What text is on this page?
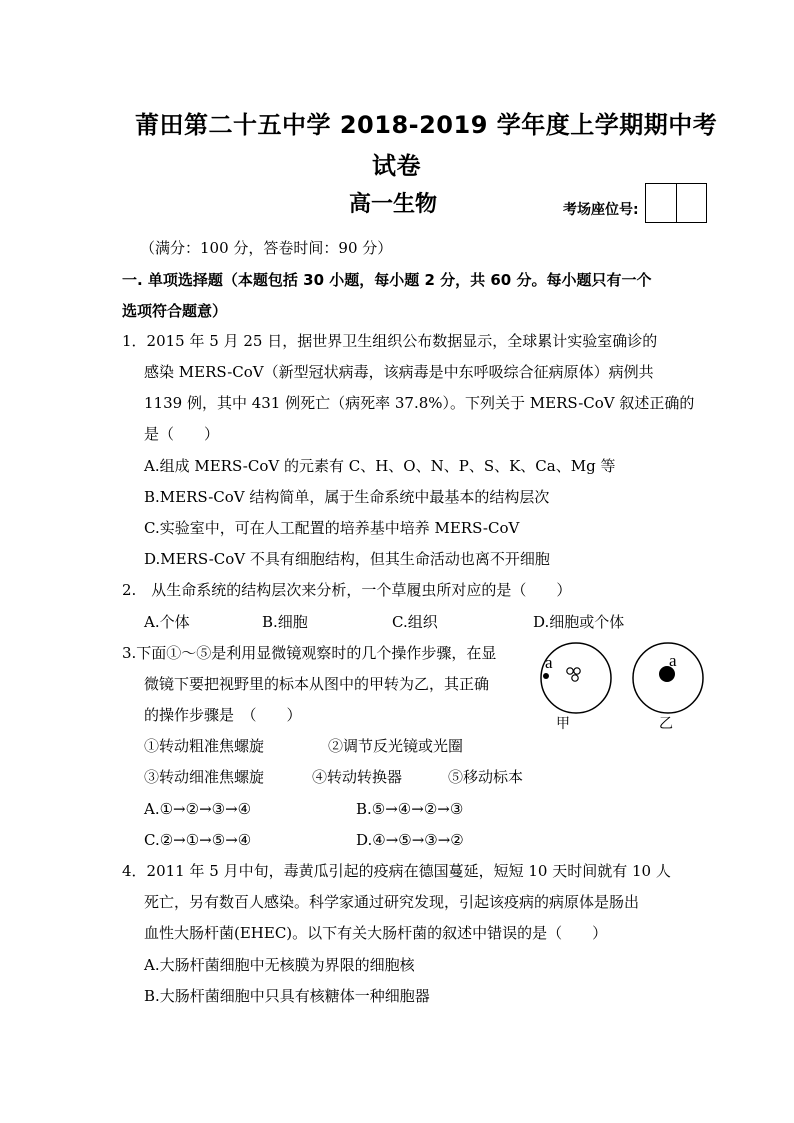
莆田第二十五中学 2018-2019 学年度上学期期中考
试卷
高一生物	考场座位号:
（满分：100 分，答卷时间：90 分）
一. 单项选择题（本题包括 30 小题，每小题 2 分，共 60 分。每小题只有一个
选项符合题意）
1．2015 年 5 月 25 日，据世界卫生组织公布数据显示，全球累计实验室确诊的
感染 MERS-CoV（新型冠状病毒，该病毒是中东呼吸综合征病原体）病例共
1139 例，其中 431 例死亡（病死率 37.8%）。下列关于 MERS-CoV 叙述正确的
是（　　）
A.组成 MERS-CoV 的元素有 C、H、O、N、P、S、K、Ca、Mg 等
B.MERS-CoV 结构简单，属于生命系统中最基本的结构层次
C.实验室中，可在人工配置的培养基中培养 MERS-CoV
D.MERS-CoV 不具有细胞结构，但其生命活动也离不开细胞
2.　从生命系统的结构层次来分析，一个草履虫所对应的是（　　）
A.个体	B.细胞	C.组织	D.细胞或个体
3.下面①～⑤是利用显微镜观察时的几个操作步骤，在显
微镜下要把视野里的标本从图中的甲转为乙，其正确
的操作步骤是　（　　）
①转动粗准焦螺旋	②调节反光镜或光圈
③转动细准焦螺旋	④转动转换器	⑤移动标本
A.①→②→③→④	B.⑤→④→②→③
C.②→①→⑤→④	D.④→⑤→③→②
a
甲
a
乙
4．2011 年 5 月中旬，毒黄瓜引起的疫病在德国蔓延，短短 10 天时间就有 10 人
死亡，另有数百人感染。科学家通过研究发现，引起该疫病的病原体是肠出
血性大肠杆菌(EHEC)。以下有关大肠杆菌的叙述中错误的是（　　）
A.大肠杆菌细胞中无核膜为界限的细胞核
B.大肠杆菌细胞中只具有核糖体一种细胞器
